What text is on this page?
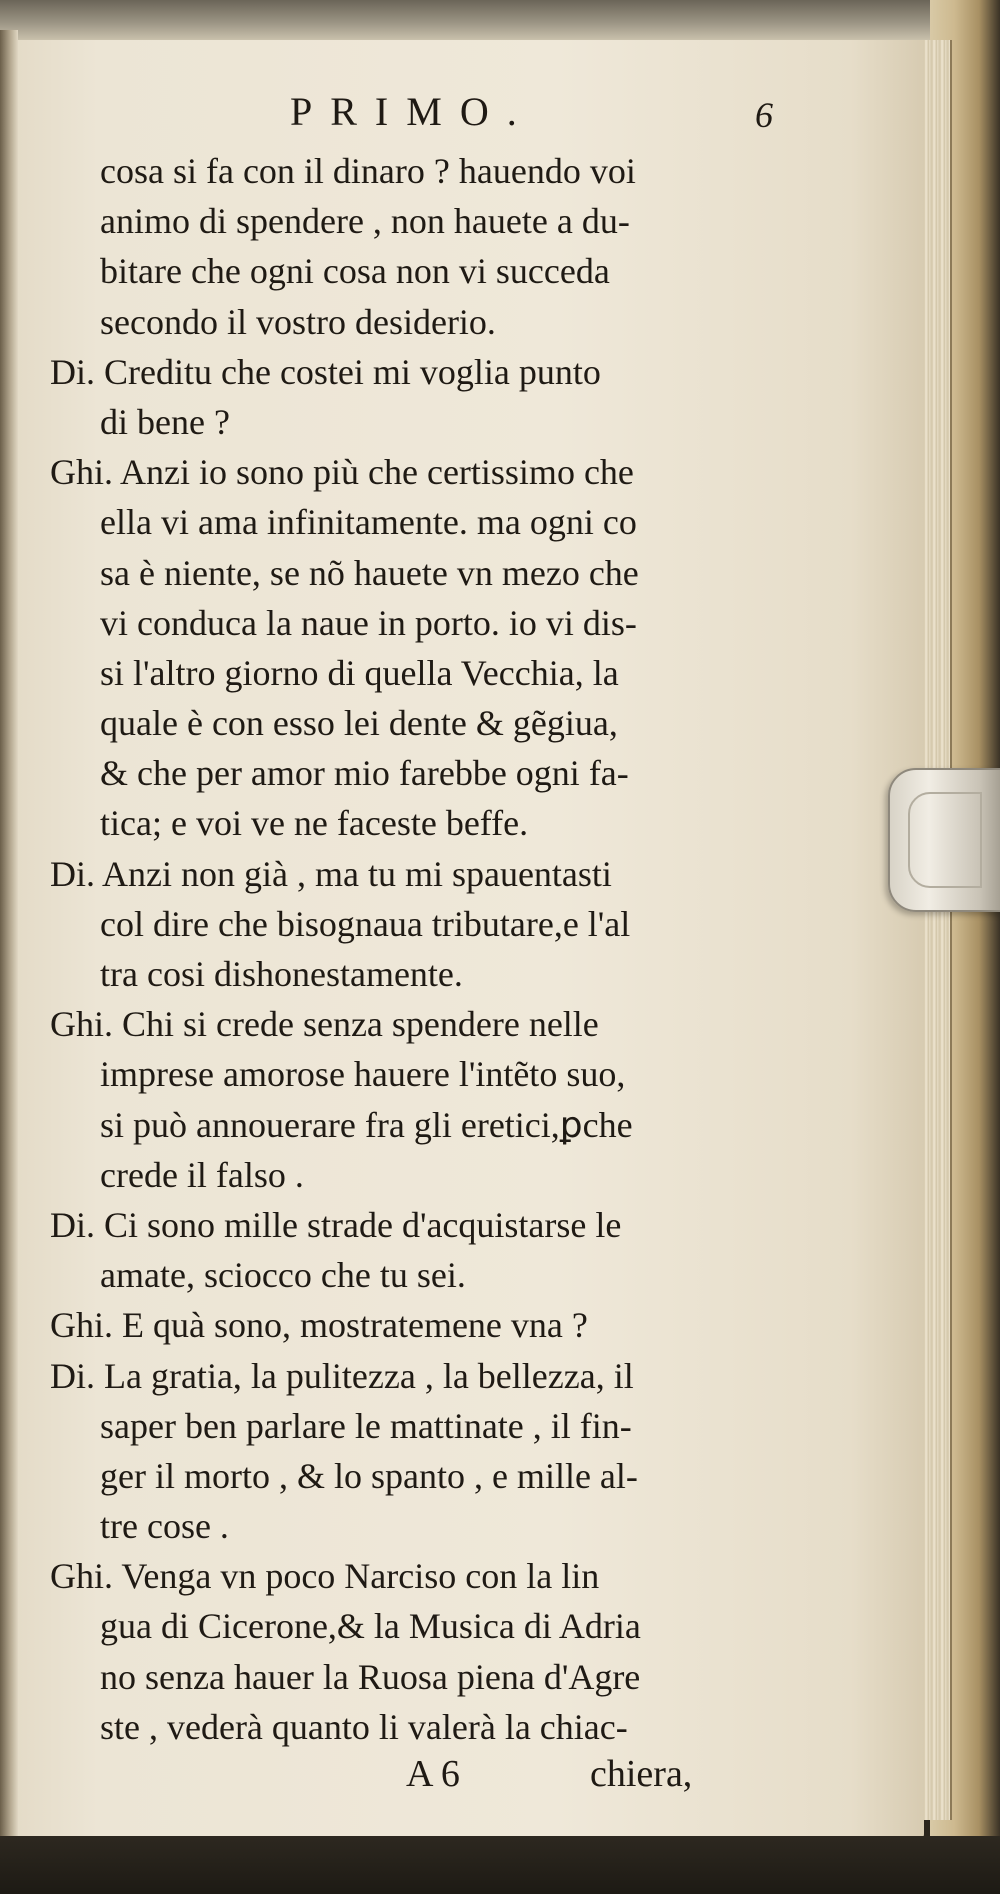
PRIMO.	6
cosa si fa con il dinaro ? hauendo voi
animo di spendere , non hauete a du-
bitare che ogni cosa non vi succeda
secondo il vostro desiderio.
Di. Creditu che costei mi voglia punto
di bene ?
Ghi. Anzi io sono più che certissimo che
ella vi ama infinitamente. ma ogni co
sa è niente, se nõ hauete vn mezo che
vi conduca la naue in porto. io vi dis-
si l'altro giorno di quella Vecchia, la
quale è con esso lei dente & gẽgiua,
& che per amor mio farebbe ogni fa-
tica; e voi ve ne faceste beffe.
Di. Anzi non già , ma tu mi spauentasti
col dire che bisognaua tributare,e l'al
tra cosi dishonestamente.
Ghi. Chi si crede senza spendere nelle
imprese amorose hauere l'intẽto suo,
si può annouerare fra gli eretici,ꝑche
crede il falso .
Di. Ci sono mille strade d'acquistarse le
amate, sciocco che tu sei.
Ghi. E quà sono, mostratemene vna ?
Di. La gratia, la pulitezza , la bellezza, il
saper ben parlare le mattinate , il fin-
ger il morto , & lo spanto , e mille al-
tre cose .
Ghi. Venga vn poco Narciso con la lin
gua di Cicerone,& la Musica di Adria
no senza hauer la Ruosa piena d'Agre
ste , vederà quanto li valerà la chiac-
A 6	chiera,
